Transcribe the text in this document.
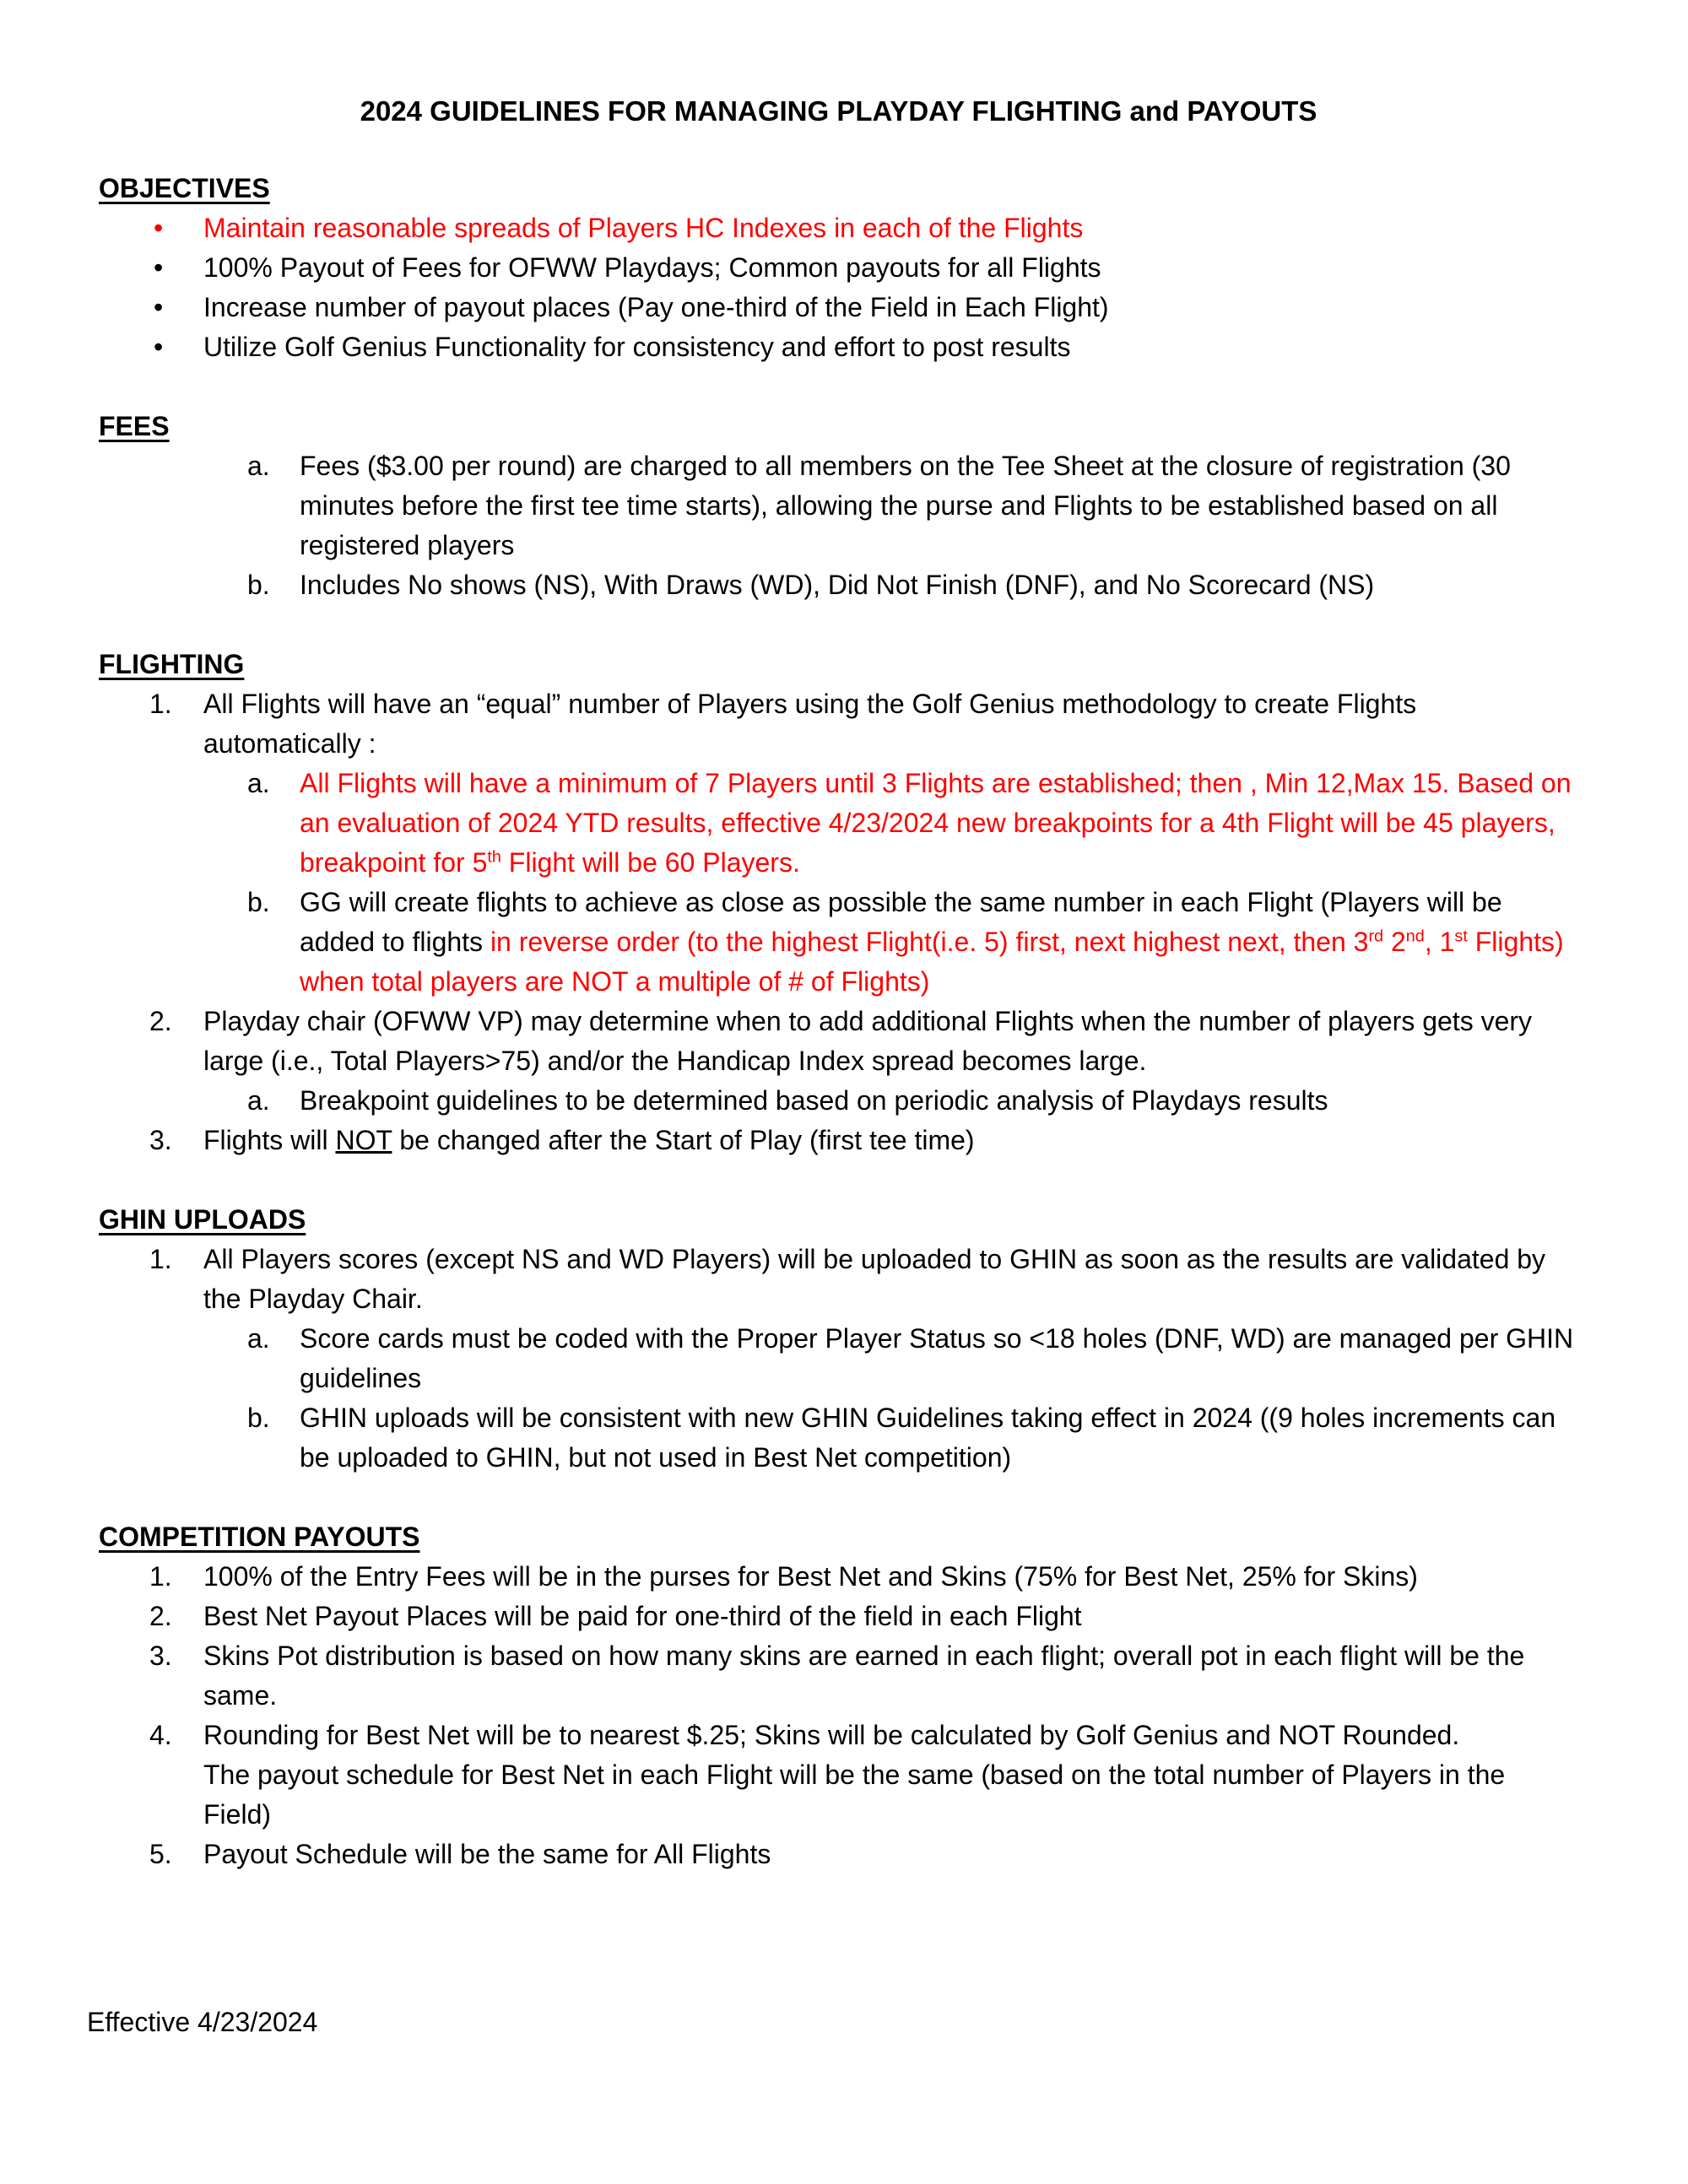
2024 GUIDELINES FOR MANAGING PLAYDAY FLIGHTING and PAYOUTS
OBJECTIVES
• Maintain reasonable spreads of Players HC Indexes in each of the Flights
• 100% Payout of Fees for OFWW Playdays; Common payouts for all Flights
• Increase number of payout places (Pay one-third of the Field in Each Flight)
• Utilize Golf Genius Functionality for consistency and effort to post results
FEES
a. Fees ($3.00 per round) are charged to all members on the Tee Sheet at the closure of registration (30 minutes before the first tee time starts), allowing the purse and Flights to be established based on all registered players
b. Includes No shows (NS), With Draws (WD), Did Not Finish (DNF), and No Scorecard (NS)
FLIGHTING
1. All Flights will have an “equal” number of Players using the Golf Genius methodology to create Flights automatically :
a. All Flights will have a minimum of 7 Players until 3 Flights are established; then , Min 12,Max 15. Based on an evaluation of 2024 YTD results, effective 4/23/2024 new breakpoints for a 4th Flight will be 45 players, breakpoint for 5th Flight will be 60 Players.
b. GG will create flights to achieve as close as possible the same number in each Flight (Players will be added to flights in reverse order (to the highest Flight(i.e. 5) first, next highest next, then 3rd 2nd, 1st Flights) when total players are NOT a multiple of # of Flights)
2. Playday chair (OFWW VP) may determine when to add additional Flights when the number of players gets very large (i.e., Total Players>75) and/or the Handicap Index spread becomes large.
a. Breakpoint guidelines to be determined based on periodic analysis of Playdays results
3. Flights will NOT be changed after the Start of Play (first tee time)
GHIN UPLOADS
1. All Players scores (except NS and WD Players) will be uploaded to GHIN as soon as the results are validated by the Playday Chair.
a. Score cards must be coded with the Proper Player Status so <18 holes (DNF, WD) are managed per GHIN guidelines
b. GHIN uploads will be consistent with new GHIN Guidelines taking effect in 2024 ((9 holes increments can be uploaded to GHIN, but not used in Best Net competition)
COMPETITION PAYOUTS
1. 100% of the Entry Fees will be in the purses for Best Net and Skins (75% for Best Net, 25% for Skins)
2. Best Net Payout Places will be paid for one-third of the field in each Flight
3. Skins Pot distribution is based on how many skins are earned in each flight; overall pot in each flight will be the same.
4. Rounding for Best Net will be to nearest $.25; Skins will be calculated by Golf Genius and NOT Rounded.
The payout schedule for Best Net in each Flight will be the same (based on the total number of Players in the Field)
5. Payout Schedule will be the same for All Flights
Effective 4/23/2024
